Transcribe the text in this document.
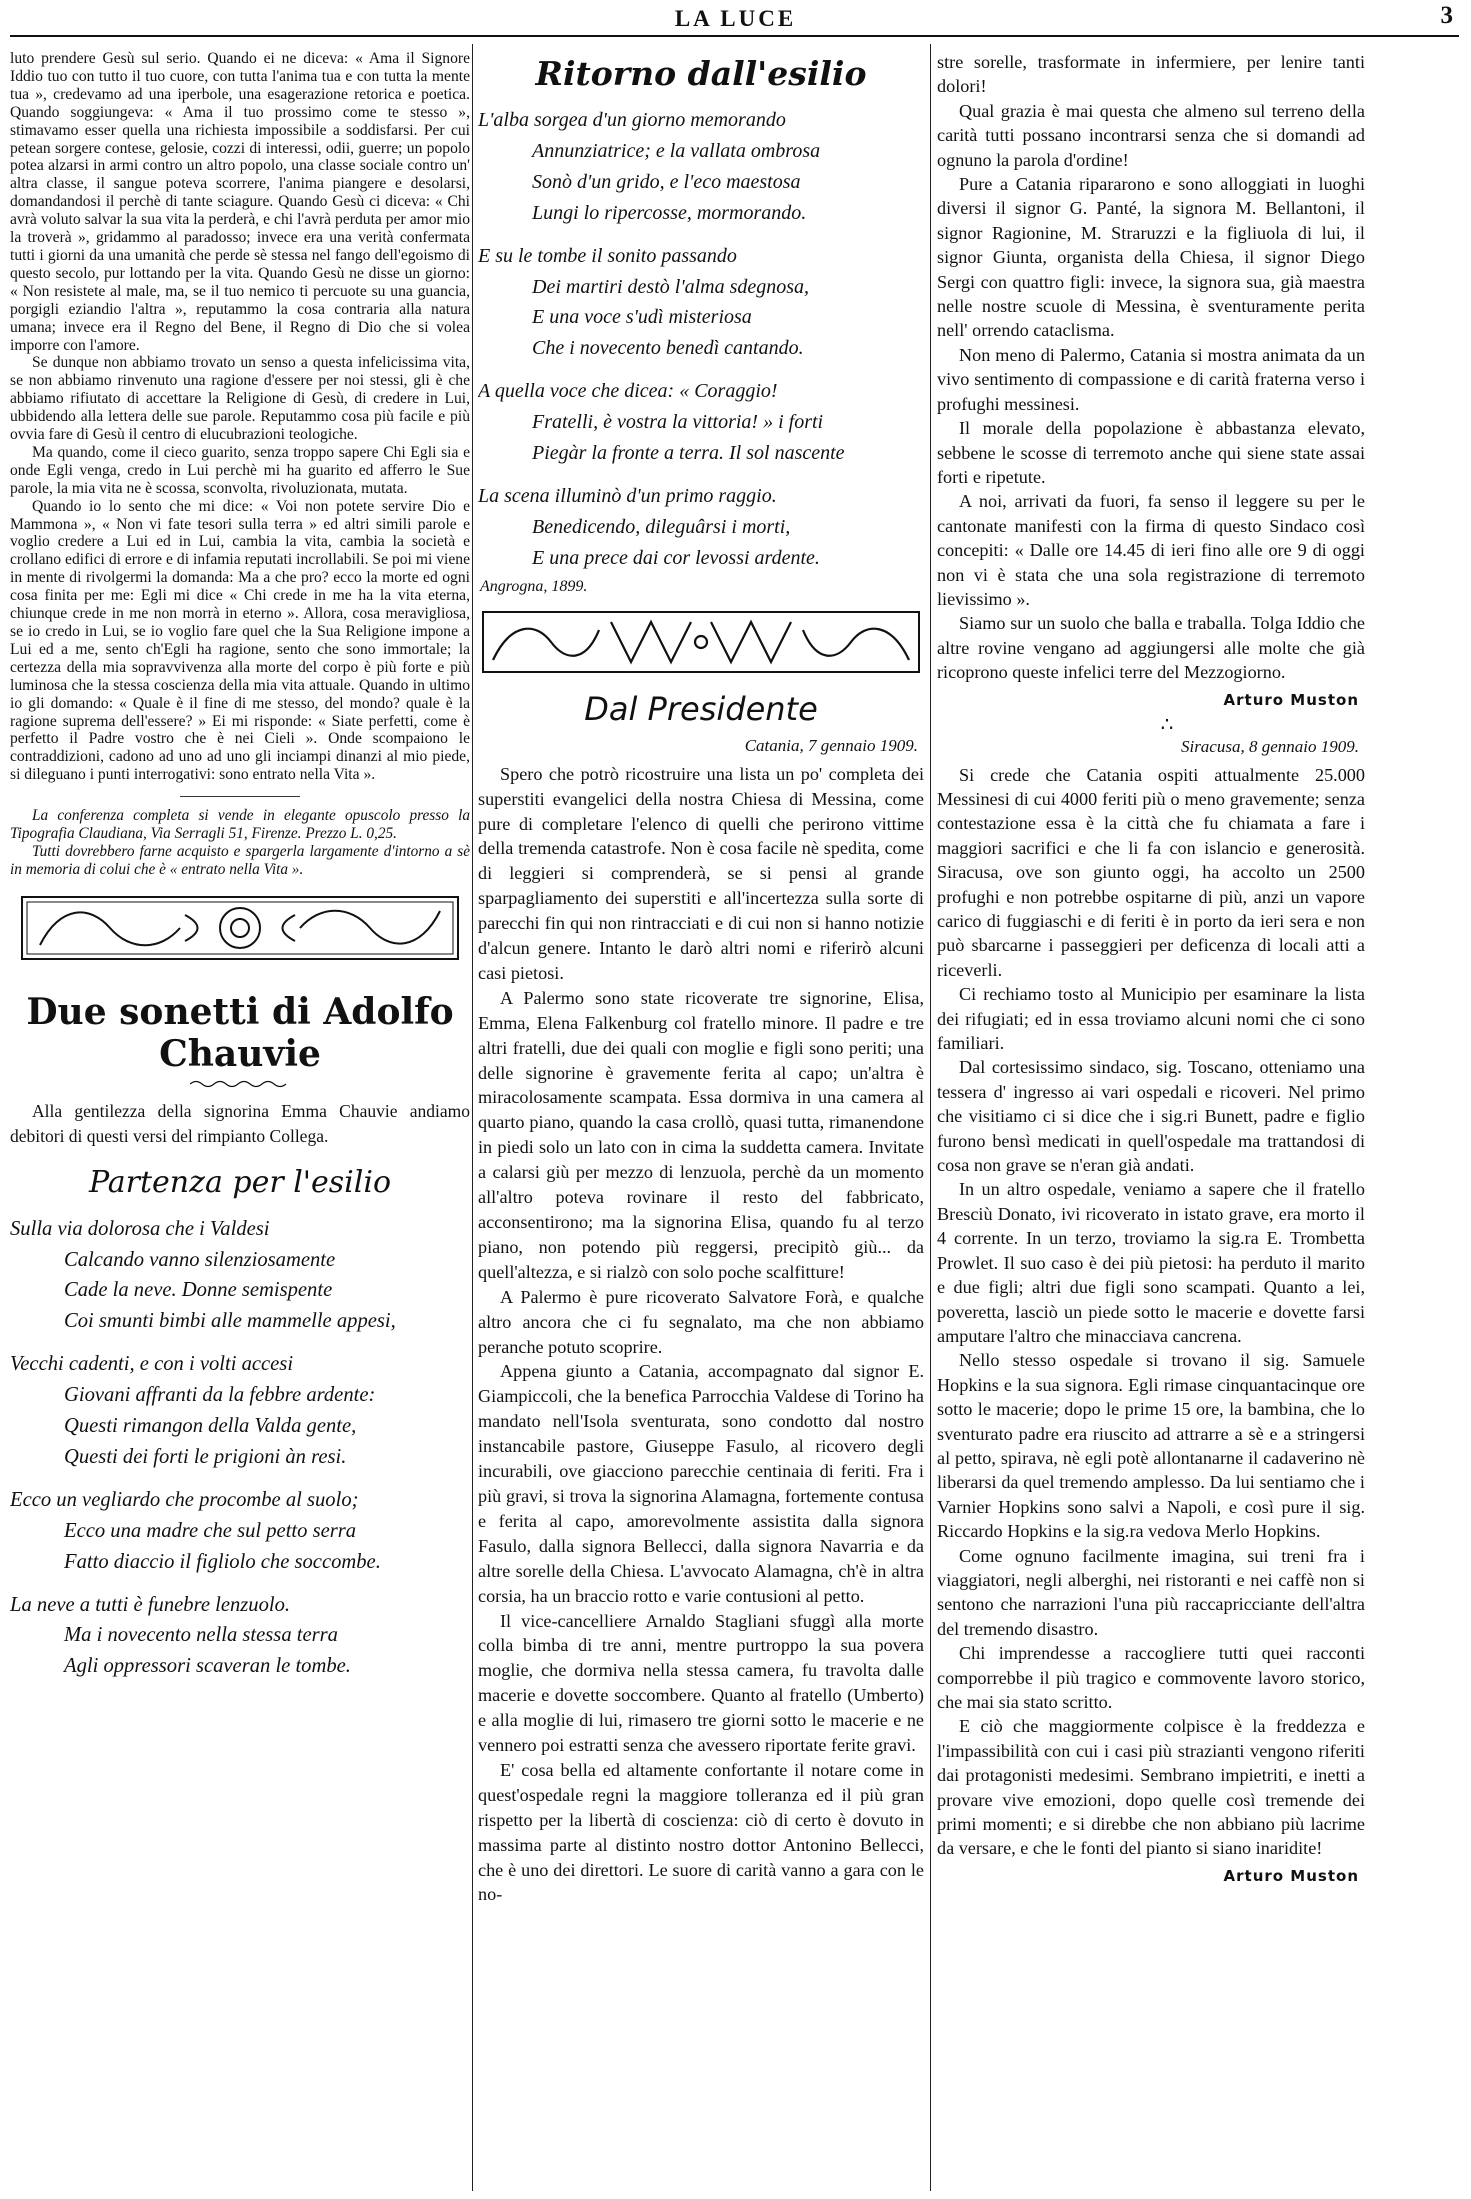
LA LUCE	3

luto prendere Gesù sul serio. Quando ei ne diceva: « Ama il Signore Iddio tuo con tutto il tuo cuore, con tutta l'anima tua e con tutta la mente tua », credevamo ad una iperbole, una esagerazione retorica e poetica. Quando soggiungeva: « Ama il tuo prossimo come te stesso », stimavamo esser quella una richiesta impossibile a soddisfarsi. Per cui petean sorgere contese, gelosie, cozzi di interessi, odii, guerre; un popolo potea alzarsi in armi contro un altro popolo, una classe sociale contro un' altra classe, il sangue poteva scorrere, l'anima piangere e desolarsi, domandandosi il perchè di tante sciagure. Quando Gesù ci diceva: « Chi avrà voluto salvar la sua vita la perderà, e chi l'avrà perduta per amor mio la troverà », gridammo al paradosso; invece era una verità confermata tutti i giorni da una umanità che perde sè stessa nel fango dell'egoismo di questo secolo, pur lottando per la vita. Quando Gesù ne disse un giorno: « Non resistete al male, ma, se il tuo nemico ti percuote su una guancia, porgigli eziandio l'altra », reputammo la cosa contraria alla natura umana; invece era il Regno del Bene, il Regno di Dio che si volea imporre con l'amore.

Se dunque non abbiamo trovato un senso a questa infelicissima vita, se non abbiamo rinvenuto una ragione d'essere per noi stessi, gli è che abbiamo rifiutato di accettare la Religione di Gesù, di credere in Lui, ubbidendo alla lettera delle sue parole. Reputammo cosa più facile e più ovvia fare di Gesù il centro di elucubrazioni teologiche.

Ma quando, come il cieco guarito, senza troppo sapere Chi Egli sia e onde Egli venga, credo in Lui perchè mi ha guarito ed afferro le Sue parole, la mia vita ne è scossa, sconvolta, rivoluzionata, mutata.

Quando io lo sento che mi dice: « Voi non potete servire Dio e Mammona », « Non vi fate tesori sulla terra » ed altri simili parole e voglio credere a Lui ed in Lui, cambia la vita, cambia la società e crollano edifici di errore e di infamia reputati incrollabili. Se poi mi viene in mente di rivolgermi la domanda: Ma a che pro? ecco la morte ed ogni cosa finita per me: Egli mi dice « Chi crede in me ha la vita eterna, chiunque crede in me non morrà in eterno ». Allora, cosa meravigliosa, se io credo in Lui, se io voglio fare quel che la Sua Religione impone a Lui ed a me, sento ch'Egli ha ragione, sento che sono immortale; la certezza della mia sopravvivenza alla morte del corpo è più forte e più luminosa che la stessa coscienza della mia vita attuale. Quando in ultimo io gli domando: « Quale è il fine di me stesso, del mondo? quale è la ragione suprema dell'essere? » Ei mi risponde: « Siate perfetti, come è perfetto il Padre vostro che è nei Cieli ». Onde scompaiono le contraddizioni, cadono ad uno ad uno gli inciampi dinanzi al mio piede, si dileguano i punti interrogativi: sono entrato nella Vita ».

La conferenza completa si vende in elegante opuscolo presso la Tipografia Claudiana, Via Serragli 51, Firenze. Prezzo L. 0,25.

Tutti dovrebbero farne acquisto e spargerla largamente d'intorno a sè in memoria di colui che è « entrato nella Vita ».

Due sonetti di Adolfo Chauvie

Alla gentilezza della signorina Emma Chauvie andiamo debitori di questi versi del rimpianto Collega.

Partenza per l'esilio
Sulla via dolorosa che i Valdesi
Calcando vanno silenziosamente
Cade la neve. Donne semispente
Coi smunti bimbi alle mammelle appesi,
Vecchi cadenti, e con i volti accesi
Giovani affranti da la febbre ardente:
Questi rimangon della Valda gente,
Questi dei forti le prigioni àn resi.
Ecco un vegliardo che procombe al suolo;
Ecco una madre che sul petto serra
Fatto diaccio il figliolo che soccombe.
La neve a tutti è funebre lenzuolo.
Ma i novecento nella stessa terra
Agli oppressori scaveran le tombe.
Ritorno dall'esilio
L'alba sorgea d'un giorno memorando
Annunziatrice; e la vallata ombrosa
Sonò d'un grido, e l'eco maestosa
Lungi lo ripercosse, mormorando.
E su le tombe il sonito passando
Dei martiri destò l'alma sdegnosa,
E una voce s'udì misteriosa
Che i novecento benedì cantando.
A quella voce che dicea: « Coraggio!
Fratelli, è vostra la vittoria! » i forti
Piegàr la fronte a terra. Il sol nascente
La scena illuminò d'un primo raggio.
Benedicendo, dileguârsi i morti,
E una prece dai cor levossi ardente.
Angrogna, 1899.
Dal Presidente
Catania, 7 gennaio 1909.

Spero che potrò ricostruire una lista un po' completa dei superstiti evangelici della nostra Chiesa di Messina, come pure di completare l'elenco di quelli che perirono vittime della tremenda catastrofe. Non è cosa facile nè spedita, come di leggieri si comprenderà, se si pensi al grande sparpagliamento dei superstiti e all'incertezza sulla sorte di parecchi fin qui non rintracciati e di cui non si hanno notizie d'alcun genere. Intanto le darò altri nomi e riferirò alcuni casi pietosi.

A Palermo sono state ricoverate tre signorine, Elisa, Emma, Elena Falkenburg col fratello minore. Il padre e tre altri fratelli, due dei quali con moglie e figli sono periti; una delle signorine è gravemente ferita al capo; un'altra è miracolosamente scampata. Essa dormiva in una camera al quarto piano, quando la casa crollò, quasi tutta, rimanendone in piedi solo un lato con in cima la suddetta camera. Invitate a calarsi giù per mezzo di lenzuola, perchè da un momento all'altro poteva rovinare il resto del fabbricato, acconsentirono; ma la signorina Elisa, quando fu al terzo piano, non potendo più reggersi, precipitò giù... da quell'altezza, e si rialzò con solo poche scalfitture!

A Palermo è pure ricoverato Salvatore Forà, e qualche altro ancora che ci fu segnalato, ma che non abbiamo peranche potuto scoprire.

Appena giunto a Catania, accompagnato dal signor E. Giampiccoli, che la benefica Parrocchia Valdese di Torino ha mandato nell'Isola sventurata, sono condotto dal nostro instancabile pastore, Giuseppe Fasulo, al ricovero degli incurabili, ove giacciono parecchie centinaia di feriti. Fra i più gravi, si trova la signorina Alamagna, fortemente contusa e ferita al capo, amorevolmente assistita dalla signora Fasulo, dalla signora Bellecci, dalla signora Navarria e da altre sorelle della Chiesa. L'avvocato Alamagna, ch'è in altra corsia, ha un braccio rotto e varie contusioni al petto.

Il vice-cancelliere Arnaldo Stagliani sfuggì alla morte colla bimba di tre anni, mentre purtroppo la sua povera moglie, che dormiva nella stessa camera, fu travolta dalle macerie e dovette soccombere. Quanto al fratello (Umberto) e alla moglie di lui, rimasero tre giorni sotto le macerie e ne vennero poi estratti senza che avessero riportate ferite gravi.

E' cosa bella ed altamente confortante il notare come in quest'ospedale regni la maggiore tolleranza ed il più gran rispetto per la libertà di coscienza: ciò di certo è dovuto in massima parte al distinto nostro dottor Antonino Bellecci, che è uno dei direttori. Le suore di carità vanno a gara con le no-

stre sorelle, trasformate in infermiere, per lenire tanti dolori!

Qual grazia è mai questa che almeno sul terreno della carità tutti possano incontrarsi senza che si domandi ad ognuno la parola d'ordine!

Pure a Catania ripararono e sono alloggiati in luoghi diversi il signor G. Panté, la signora M. Bellantoni, il signor Ragionine, M. Straruzzi e la figliuola di lui, il signor Giunta, organista della Chiesa, il signor Diego Sergi con quattro figli: invece, la signora sua, già maestra nelle nostre scuole di Messina, è sventuramente perita nell' orrendo cataclisma.

Non meno di Palermo, Catania si mostra animata da un vivo sentimento di compassione e di carità fraterna verso i profughi messinesi.

Il morale della popolazione è abbastanza elevato, sebbene le scosse di terremoto anche qui siene state assai forti e ripetute.

A noi, arrivati da fuori, fa senso il leggere su per le cantonate manifesti con la firma di questo Sindaco così concepiti: « Dalle ore 14.45 di ieri fino alle ore 9 di oggi non vi è stata che una sola registrazione di terremoto lievissimo ».

Siamo sur un suolo che balla e traballa. Tolga Iddio che altre rovine vengano ad aggiungersi alle molte che già ricoprono queste infelici terre del Mezzogiorno.

Arturo Muston
∴
Siracusa, 8 gennaio 1909.

Si crede che Catania ospiti attualmente 25.000 Messinesi di cui 4000 feriti più o meno gravemente; senza contestazione essa è la città che fu chiamata a fare i maggiori sacrifici e che li fa con islancio e generosità. Siracusa, ove son giunto oggi, ha accolto un 2500 profughi e non potrebbe ospitarne di più, anzi un vapore carico di fuggiaschi e di feriti è in porto da ieri sera e non può sbarcarne i passeggieri per deficenza di locali atti a riceverli.

Ci rechiamo tosto al Municipio per esaminare la lista dei rifugiati; ed in essa troviamo alcuni nomi che ci sono familiari.

Dal cortesissimo sindaco, sig. Toscano, otteniamo una tessera d' ingresso ai vari ospedali e ricoveri. Nel primo che visitiamo ci si dice che i sig.ri Bunett, padre e figlio furono bensì medicati in quell'ospedale ma trattandosi di cosa non grave se n'eran già andati.

In un altro ospedale, veniamo a sapere che il fratello Bresciù Donato, ivi ricoverato in istato grave, era morto il 4 corrente. In un terzo, troviamo la sig.ra E. Trombetta Prowlet. Il suo caso è dei più pietosi: ha perduto il marito e due figli; altri due figli sono scampati. Quanto a lei, poveretta, lasciò un piede sotto le macerie e dovette farsi amputare l'altro che minacciava cancrena.

Nello stesso ospedale si trovano il sig. Samuele Hopkins e la sua signora. Egli rimase cinquantacinque ore sotto le macerie; dopo le prime 15 ore, la bambina, che lo sventurato padre era riuscito ad attrarre a sè e a stringersi al petto, spirava, nè egli potè allontanarne il cadaverino nè liberarsi da quel tremendo amplesso. Da lui sentiamo che i Varnier Hopkins sono salvi a Napoli, e così pure il sig. Riccardo Hopkins e la sig.ra vedova Merlo Hopkins.

Come ognuno facilmente imagina, sui treni fra i viaggiatori, negli alberghi, nei ristoranti e nei caffè non si sentono che narrazioni l'una più raccapricciante dell'altra del tremendo disastro.

Chi imprendesse a raccogliere tutti quei racconti comporrebbe il più tragico e commovente lavoro storico, che mai sia stato scritto.

E ciò che maggiormente colpisce è la freddezza e l'impassibilità con cui i casi più strazianti vengono riferiti dai protagonisti medesimi. Sembrano impietriti, e inetti a provare vive emozioni, dopo quelle così tremende dei primi momenti; e si direbbe che non abbiano più lacrime da versare, e che le fonti del pianto si siano inaridite!

Arturo Muston
